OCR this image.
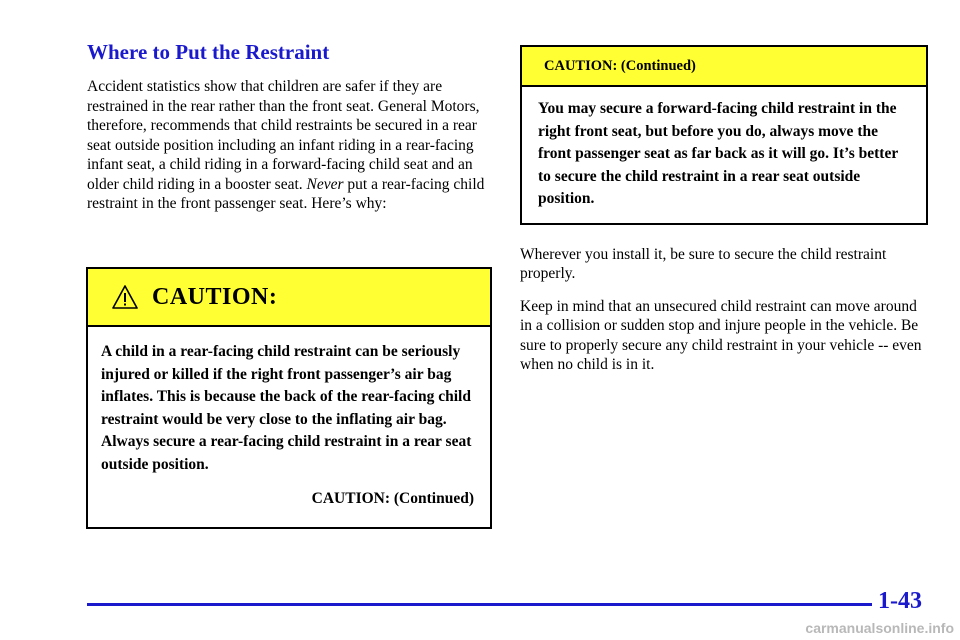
Where to Put the Restraint

Accident statistics show that children are safer if they are restrained in the rear rather than the front seat. General Motors, therefore, recommends that child restraints be secured in a rear seat outside position including an infant riding in a rear-facing infant seat, a child riding in a forward-facing child seat and an older child riding in a booster seat. Never put a rear-facing child restraint in the front passenger seat. Here’s why:

CAUTION:
A child in a rear-facing child restraint can be seriously injured or killed if the right front passenger’s air bag inflates. This is because the back of the rear-facing child restraint would be very close to the inflating air bag. Always secure a rear-facing child restraint in a rear seat outside position.
CAUTION: (Continued)
CAUTION: (Continued)
You may secure a forward-facing child restraint in the right front seat, but before you do, always move the front passenger seat as far back as it will go. It’s better to secure the child restraint in a rear seat outside position.

Wherever you install it, be sure to secure the child restraint properly.

Keep in mind that an unsecured child restraint can move around in a collision or sudden stop and injure people in the vehicle. Be sure to properly secure any child restraint in your vehicle -- even when no child is in it.

1-43
carmanualsonline.info
